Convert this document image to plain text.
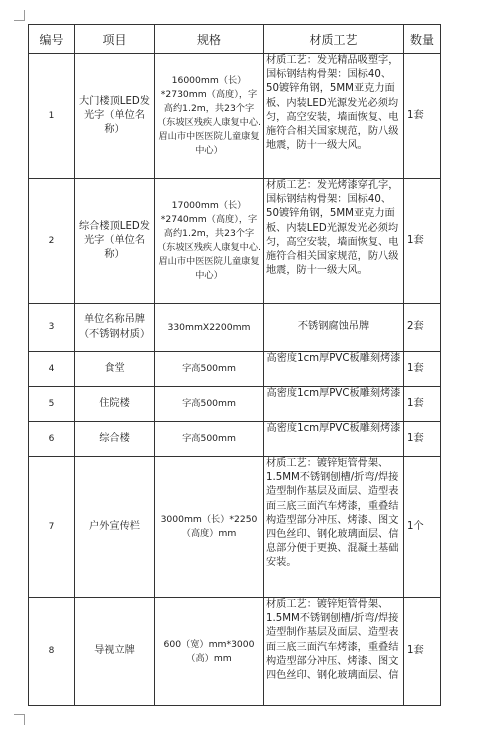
编号	项目	规格	材质工艺	数量
1	大门楼顶LED发光字（单位名称）	16000mm（长）*2730mm（高度），字高约1.2m，共23个字（东坡区残疾人康复中心.眉山市中医医院儿童康复中心）	材质工艺：发光精品吸塑字，国标钢结构骨架：国标40、50镀锌角钢，5MM亚克力面板、内装LED光源发光必须均匀，高空安装，墙面恢复、电施符合相关国家规范，防八级地震，防十一级大风。	1套
2	综合楼顶LED发光字（单位名称）	17000mm（长）*2740mm（高度），字高约1.2m，共23个字（东坡区残疾人康复中心.眉山市中医医院儿童康复中心）	材质工艺：发光烤漆穿孔字，国标钢结构骨架：国标40、50镀锌角钢，5MM亚克力面板、内装LED光源发光必须均匀，高空安装，墙面恢复、电施符合相关国家规范，防八级地震，防十一级大风。	1套
3	单位名称吊牌（不锈钢材质）	330mmX2200mm	不锈钢腐蚀吊牌	2套
4	食堂	字高500mm	高密度1cm厚PVC板雕刻烤漆	1套
5	住院楼	字高500mm	高密度1cm厚PVC板雕刻烤漆	1套
6	综合楼	字高500mm	高密度1cm厚PVC板雕刻烤漆	1套
7	户外宣传栏	3000mm（长）*2250（高度）mm	材质工艺：镀锌矩管骨架、1.5MM不锈钢刨槽/折弯/焊接造型制作基层及面层、造型表面三底三面汽车烤漆，重叠结构造型部分冲压、烤漆、图文四色丝印、钢化玻璃面层、信息部分便于更换、混凝土基础安装。	1个
8	导视立牌	600（宽）mm*3000（高）mm	材质工艺：镀锌矩管骨架、1.5MM不锈钢刨槽/折弯/焊接造型制作基层及面层、造型表面三底三面汽车烤漆，重叠结构造型部分冲压、烤漆、图文四色丝印、钢化玻璃面层、信	1套
